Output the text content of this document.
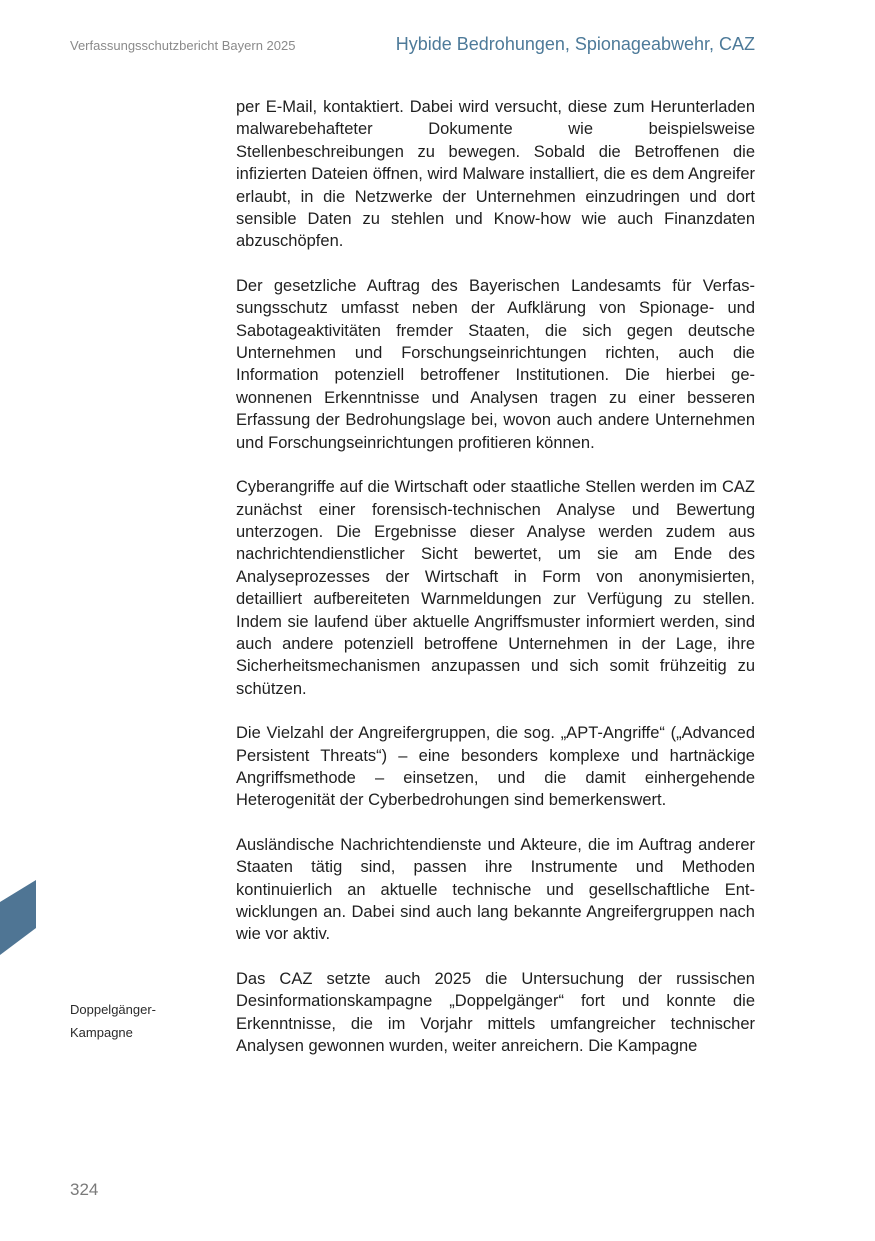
Verfassungsschutzbericht Bayern 2025	Hybide Bedrohungen, Spionageabwehr, CAZ

per E-Mail, kontaktiert. Dabei wird versucht, diese zum Herunterladen malwarebehafteter Dokumente wie beispielsweise Stellenbeschreibungen zu bewegen. Sobald die Betroffenen die infizierten Dateien öffnen, wird Malware installiert, die es dem Angreifer erlaubt, in die Netzwerke der Unternehmen einzudringen und dort sensible Daten zu stehlen und Know-how wie auch Finanzdaten abzuschöpfen.

Der gesetzliche Auftrag des Bayerischen Landesamts für Verfassungsschutz umfasst neben der Aufklärung von Spionage- und Sabotageaktivitäten fremder Staaten, die sich gegen deutsche Unternehmen und Forschungseinrichtungen richten, auch die Information potenziell betroffener Institutionen. Die hierbei gewonnenen Erkenntnisse und Analysen tragen zu einer besseren Erfassung der Bedrohungslage bei, wovon auch andere Unternehmen und Forschungseinrichtungen profitieren können.

Cyberangriffe auf die Wirtschaft oder staatliche Stellen werden im CAZ zunächst einer forensisch-technischen Analyse und Bewertung unterzogen. Die Ergebnisse dieser Analyse werden zudem aus nachrichtendienstlicher Sicht bewertet, um sie am Ende des Analyseprozesses der Wirtschaft in Form von anonymisierten, detailliert aufbereiteten Warnmeldungen zur Verfügung zu stellen. Indem sie laufend über aktuelle Angriffsmuster informiert werden, sind auch andere potenziell betroffene Unternehmen in der Lage, ihre Sicherheitsmechanismen anzupassen und sich somit frühzeitig zu schützen.

Die Vielzahl der Angreifergruppen, die sog. „APT-Angriffe“ („Advanced Persistent Threats“) – eine besonders komplexe und hartnäckige Angriffsmethode – einsetzen, und die damit einhergehende Heterogenität der Cyberbedrohungen sind bemerkenswert.

Ausländische Nachrichtendienste und Akteure, die im Auftrag anderer Staaten tätig sind, passen ihre Instrumente und Methoden kontinuierlich an aktuelle technische und gesellschaftliche Entwicklungen an. Dabei sind auch lang bekannte Angreifergruppen nach wie vor aktiv.

Das CAZ setzte auch 2025 die Untersuchung der russischen Desinformationskampagne „Doppelgänger“ fort und konnte die Erkenntnisse, die im Vorjahr mittels umfangreicher technischer Analysen gewonnen wurden, weiter anreichern. Die Kampagne

Doppelgänger-
Kampagne
324
